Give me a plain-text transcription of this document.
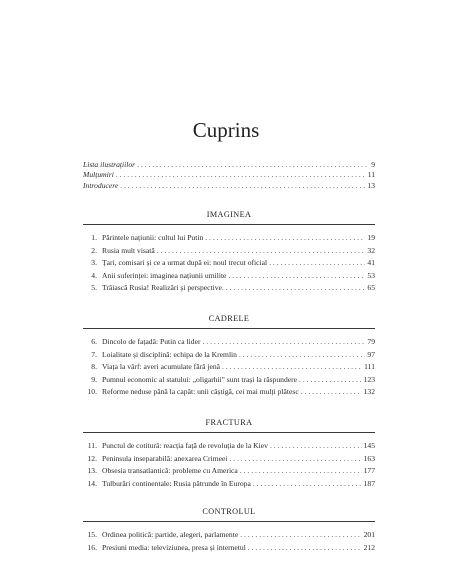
Cuprins
Lista ilustrațiilor . . .	9
Mulțumiri . . .	11
Introducere . . .	13
IMAGINEA
1. Părintele națiunii: cultul lui Putin . . .	19
2. Rusia mult visată . . .	32
3. Țari, comisari și ce a urmat după ei: noul trecut oficial . . .	41
4. Anii suferinței: imaginea națiunii umilite . . .	53
5. Trăiască Rusia! Realizări și perspective. . . .	65
CADRELE
6. Dincolo de fațadă: Putin ca lider . . .	79
7. Loialitate și disciplină: echipa de la Kremlin . . .	97
8. Viața la vârf: averi acumulate fără jenă . . .	111
9. Pumnul economic al statului: „oligarhii" sunt trași la răspundere . . .	123
10. Reforme neduse până la capăt: unii câștigă, cei mai mulți plătesc . . .	132
FRACTURA
11. Punctul de cotitură: reacția față de revoluția de la Kiev . . .	145
12. Peninsula inseparabilă: anexarea Crimeei . . .	163
13. Obsesia transatlantică: probleme cu America . . .	177
14. Tulburări continentale: Rusia pătrunde în Europa . . .	187
CONTROLUL
15. Ordinea politică: partide, alegeri, parlamente . . .	201
16. Presiuni media: televiziunea, presa și internetul . . .	212
